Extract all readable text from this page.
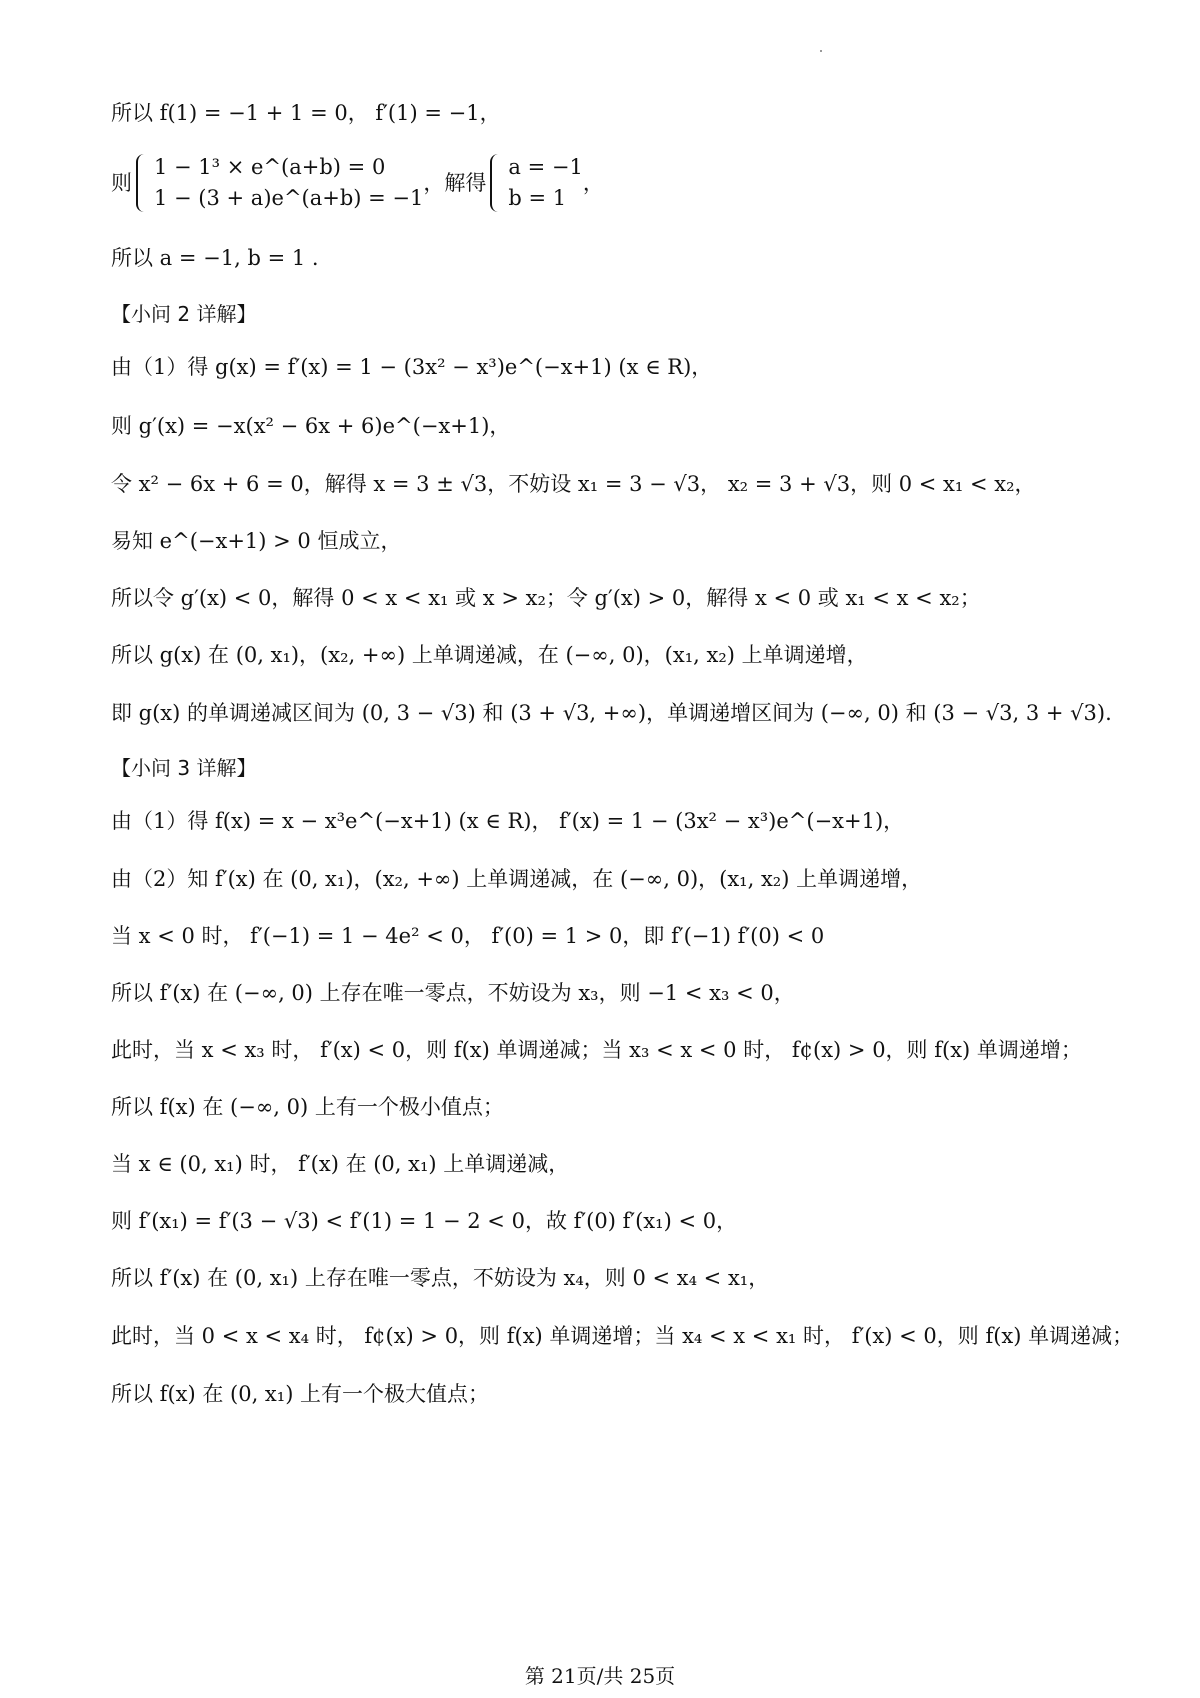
所以 f(1) = −1 + 1 = 0， f′(1) = −1，
则
1 − 1³ × e^(a+b) = 0
1 − (3 + a)e^(a+b) = −1
，解得
a = −1
b = 1
，
所以 a = −1, b = 1 .
【小问 2 详解】
由（1）得 g(x) = f′(x) = 1 − (3x² − x³)e^(−x+1) (x ∈ R)，
则 g′(x) = −x(x² − 6x + 6)e^(−x+1)，
令 x² − 6x + 6 = 0，解得 x = 3 ± √3，不妨设 x₁ = 3 − √3， x₂ = 3 + √3，则 0 < x₁ < x₂，
易知 e^(−x+1) > 0 恒成立，
所以令 g′(x) < 0，解得 0 < x < x₁ 或 x > x₂；令 g′(x) > 0，解得 x < 0 或 x₁ < x < x₂；
所以 g(x) 在 (0, x₁)，(x₂, +∞) 上单调递减，在 (−∞, 0)，(x₁, x₂) 上单调递增，
即 g(x) 的单调递减区间为 (0, 3 − √3) 和 (3 + √3, +∞)，单调递增区间为 (−∞, 0) 和 (3 − √3, 3 + √3).
【小问 3 详解】
由（1）得 f(x) = x − x³e^(−x+1) (x ∈ R)， f′(x) = 1 − (3x² − x³)e^(−x+1)，
由（2）知 f′(x) 在 (0, x₁)，(x₂, +∞) 上单调递减，在 (−∞, 0)，(x₁, x₂) 上单调递增，
当 x < 0 时， f′(−1) = 1 − 4e² < 0， f′(0) = 1 > 0，即 f′(−1) f′(0) < 0
所以 f′(x) 在 (−∞, 0) 上存在唯一零点，不妨设为 x₃，则 −1 < x₃ < 0，
此时，当 x < x₃ 时， f′(x) < 0，则 f(x) 单调递减；当 x₃ < x < 0 时， f¢(x) > 0，则 f(x) 单调递增；
所以 f(x) 在 (−∞, 0) 上有一个极小值点；
当 x ∈ (0, x₁) 时， f′(x) 在 (0, x₁) 上单调递减，
则 f′(x₁) = f′(3 − √3) < f′(1) = 1 − 2 < 0，故 f′(0) f′(x₁) < 0，
所以 f′(x) 在 (0, x₁) 上存在唯一零点，不妨设为 x₄，则 0 < x₄ < x₁，
此时，当 0 < x < x₄ 时， f¢(x) > 0，则 f(x) 单调递增；当 x₄ < x < x₁ 时， f′(x) < 0，则 f(x) 单调递减；
所以 f(x) 在 (0, x₁) 上有一个极大值点；
第 21页/共 25页
